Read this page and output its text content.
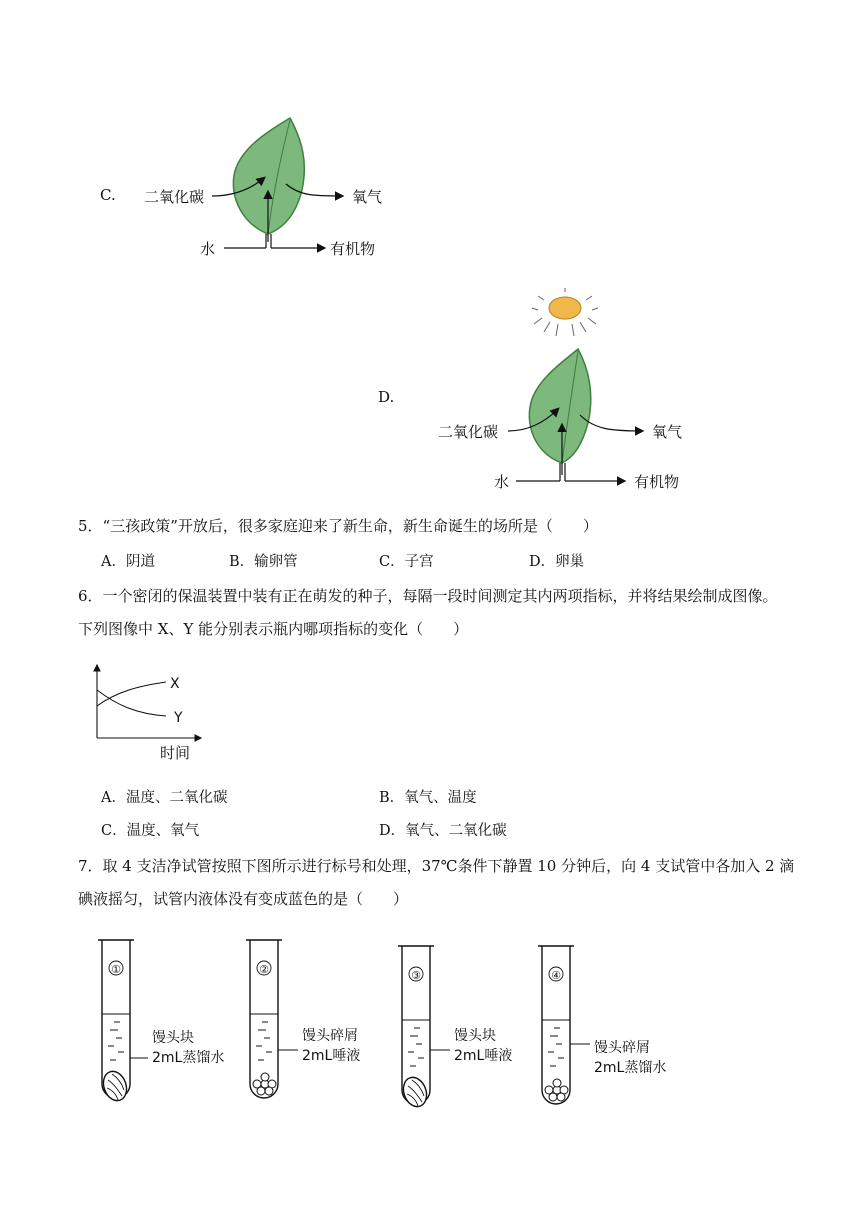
C. 二氧化碳	氧气
水	有机物
D.
二氧化碳	氧气
水	有机物
5．“三孩政策”开放后，很多家庭迎来了新生命，新生命诞生的场所是（　　）
A．阴道	B．输卵管	C．子宫	D．卵巢
6．一个密闭的保温装置中装有正在萌发的种子，每隔一段时间测定其内两项指标，并将结果绘制成图像。
下列图像中 X、Y 能分别表示瓶内哪项指标的变化（　　）
X
Y
时间
A．温度、二氧化碳	B．氧气、温度
C．温度、氧气	D．氧气、二氧化碳
7．取 4 支洁净试管按照下图所示进行标号和处理，37℃条件下静置 10 分钟后，向 4 支试管中各加入 2 滴
碘液摇匀，试管内液体没有变成蓝色的是（　　）
①
馒头块
2mL蒸馏水
②
馒头碎屑
2mL唾液
③
馒头块
2mL唾液
④
馒头碎屑
2mL蒸馏水
